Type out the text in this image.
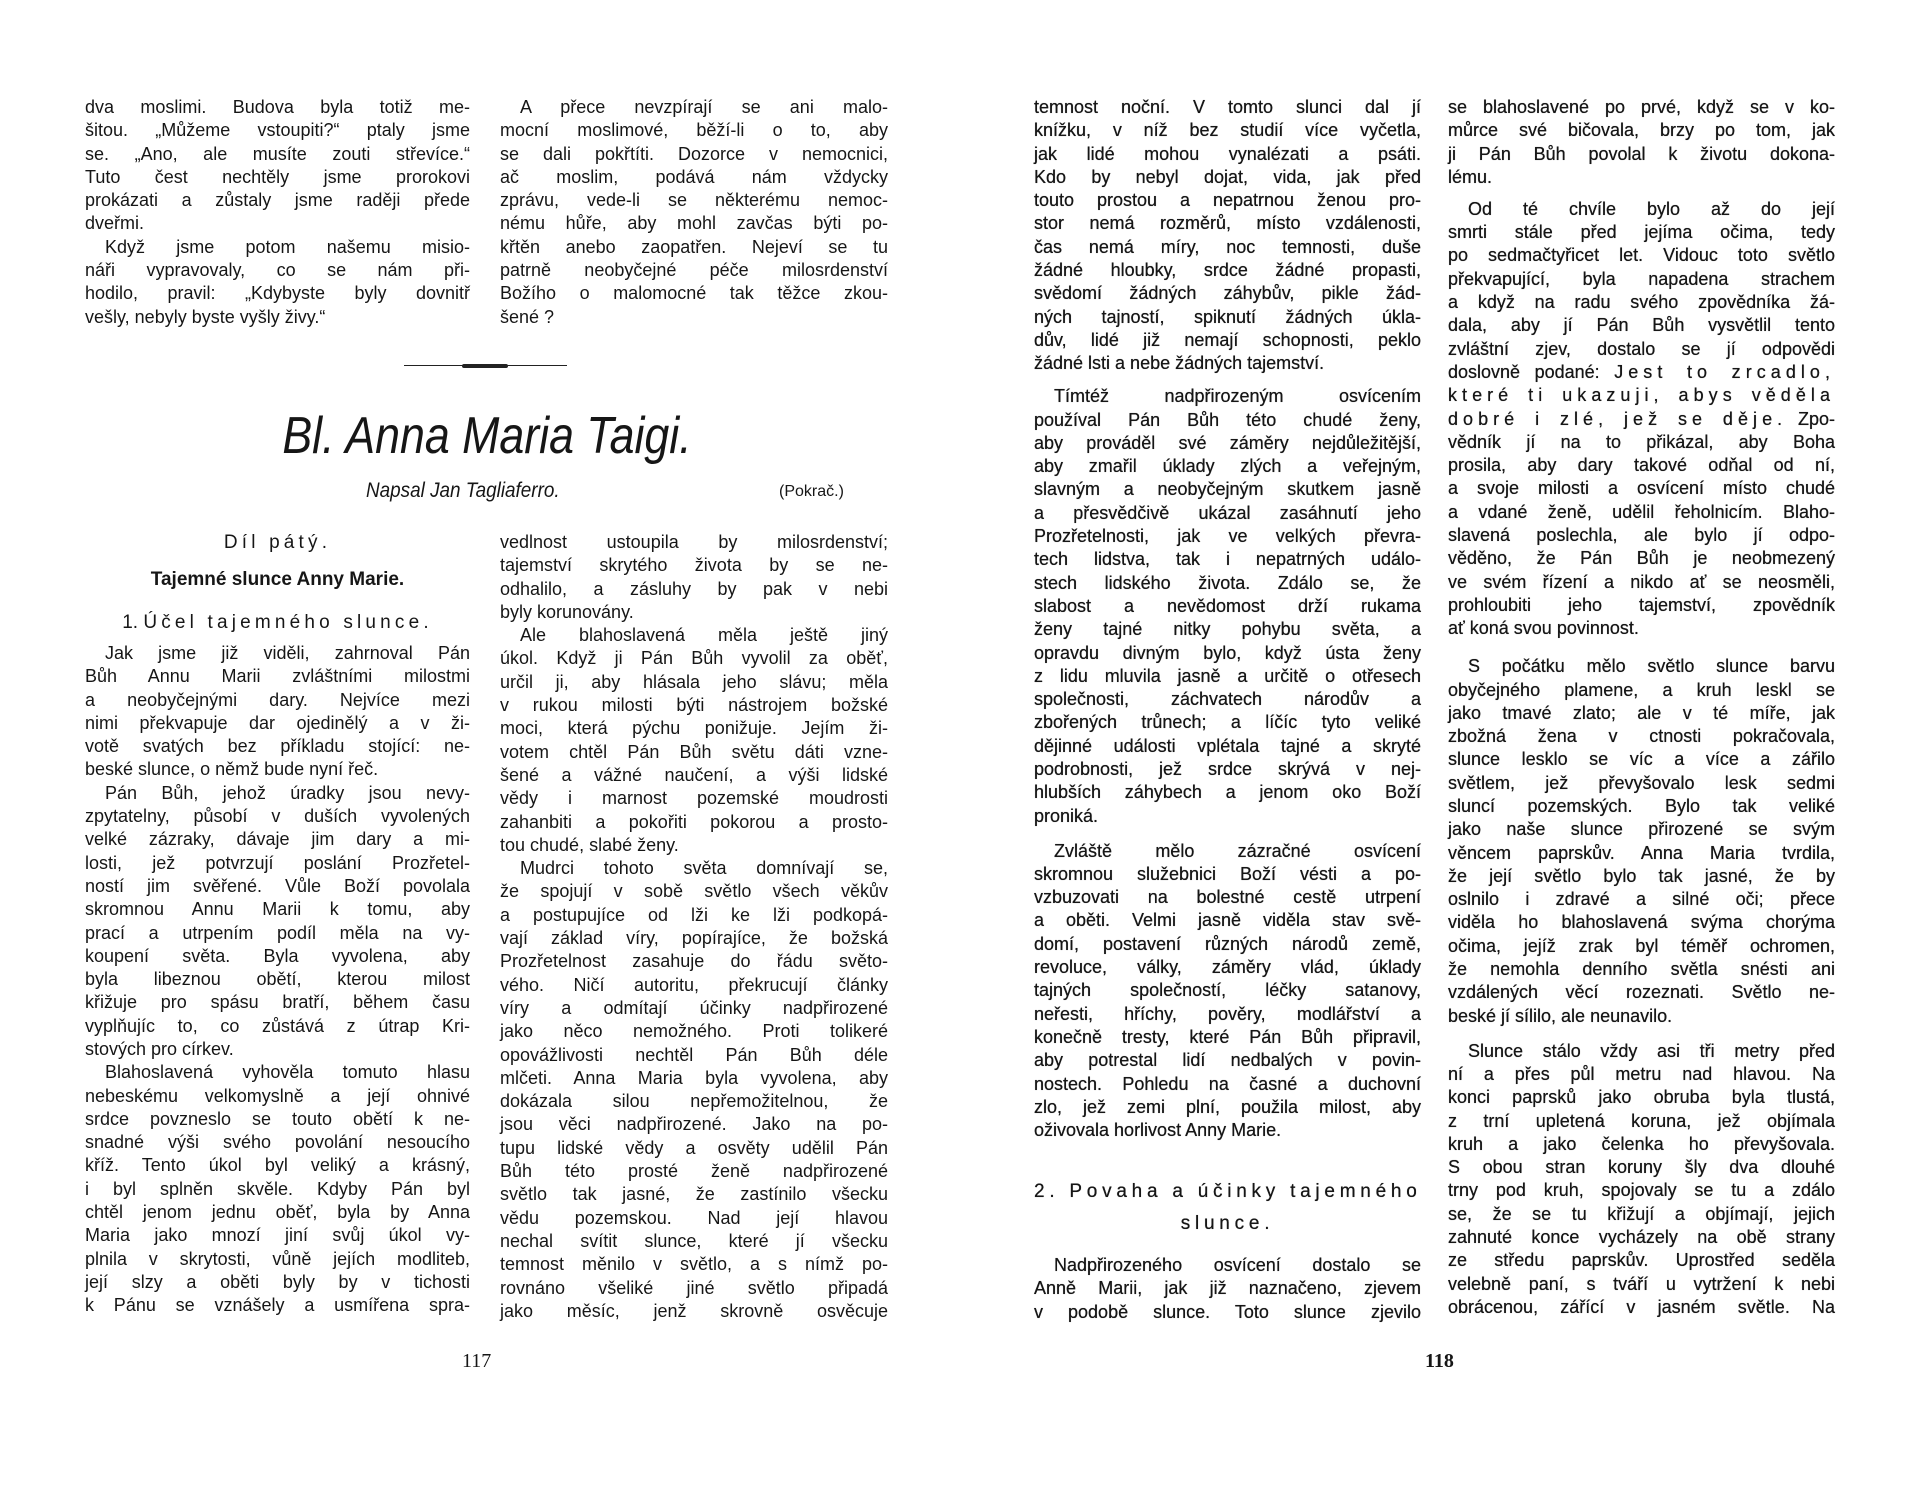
dva moslimi. Budova byla totiž me-
šitou. „Můžeme vstoupiti?“ ptaly jsme
se. „Ano, ale musíte zouti střevíce.“
Tuto čest nechtěly jsme prorokovi
prokázati a zůstaly jsme raději přede
dveřmi.
Když jsme potom našemu misio-
náři vypravovaly, co se nám při-
hodilo, pravil: „Kdybyste byly dovnitř
vešly, nebyly byste vyšly živy.“
A přece nevzpírají se ani malo-
mocní moslimové, běží-li o to, aby
se dali pokřtíti. Dozorce v nemocnici,
ač moslim, podává nám vždycky
zprávu, vede-li se některému nemoc-
nému hůře, aby mohl zavčas býti po-
křtěn anebo zaopatřen. Nejeví se tu
patrně neobyčejné péče milosrdenství
Božího o malomocné tak těžce zkou-
šené ?
Bl. Anna Maria Taigi.
Napsal Jan Tagliaferro.	(Pokrač.)
Díl pátý.
Tajemné slunce Anny Marie.
1. Účel tajemného slunce.
Jak jsme již viděli, zahrnoval Pán
Bůh Annu Marii zvláštními milostmi
a neobyčejnými dary. Nejvíce mezi
nimi překvapuje dar ojedinělý a v ži-
votě svatých bez příkladu stojící: ne-
beské slunce, o němž bude nyní řeč.
Pán Bůh, jehož úradky jsou nevy-
zpytatelny, působí v duších vyvolených
velké zázraky, dávaje jim dary a mi-
losti, jež potvrzují poslání Prozřetel-
ností jim svěřené. Vůle Boží povolala
skromnou Annu Marii k tomu, aby
prací a utrpením podíl měla na vy-
koupení světa. Byla vyvolena, aby
byla libeznou obětí, kterou milost
křižuje pro spásu bratří, během času
vyplňujíc to, co zůstává z útrap Kri-
stových pro církev.
Blahoslavená vyhověla tomuto hlasu
nebeskému velkomyslně a její ohnivé
srdce povzneslo se touto obětí k ne-
snadné výši svého povolání nesoucího
kříž. Tento úkol byl veliký a krásný,
i byl splněn skvěle. Kdyby Pán byl
chtěl jenom jednu oběť, byla by Anna
Maria jako mnozí jiní svůj úkol vy-
plnila v skrytosti, vůně jejích modliteb,
její slzy a oběti byly by v tichosti
k Pánu se vznášely a usmířena spra-
vedlnost ustoupila by milosrdenství;
tajemství skrytého života by se ne-
odhalilo, a zásluhy by pak v nebi
byly korunovány.
Ale blahoslavená měla ještě jiný
úkol. Když ji Pán Bůh vyvolil za oběť,
určil ji, aby hlásala jeho slávu; měla
v rukou milosti býti nástrojem božské
moci, která pýchu ponižuje. Jejím ži-
votem chtěl Pán Bůh světu dáti vzne-
šené a vážné naučení, a výši lidské
vědy i marnost pozemské moudrosti
zahanbiti a pokořiti pokorou a prosto-
tou chudé, slabé ženy.
Mudrci tohoto světa domnívají se,
že spojují v sobě světlo všech věkův
a postupujíce od lži ke lži podkopá-
vají základ víry, popírajíce, že božská
Prozřetelnost zasahuje do řádu světo-
vého. Ničí autoritu, překrucují články
víry a odmítají účinky nadpřirozené
jako něco nemožného. Proti tolikeré
opovážlivosti nechtěl Pán Bůh déle
mlčeti. Anna Maria byla vyvolena, aby
dokázala silou nepřemožitelnou, že
jsou věci nadpřirozené. Jako na po-
tupu lidské vědy a osvěty udělil Pán
Bůh této prosté ženě nadpřirozené
světlo tak jasné, že zastínilo všecku
vědu pozemskou. Nad její hlavou
nechal svítit slunce, které jí všecku
temnost měnilo v světlo, a s nímž po-
rovnáno všeliké jiné světlo připadá
jako měsíc, jenž skrovně osvěcuje
117
temnost noční. V tomto slunci dal jí
knížku, v níž bez studií více vyčetla,
jak lidé mohou vynalézati a psáti.
Kdo by nebyl dojat, vida, jak před
touto prostou a nepatrnou ženou pro-
stor nemá rozměrů, místo vzdálenosti,
čas nemá míry, noc temnosti, duše
žádné hloubky, srdce žádné propasti,
svědomí žádných záhybův, pikle žád-
ných tajností, spiknutí žádných úkla-
dův, lidé již nemají schopnosti, peklo
žádné lsti a nebe žádných tajemství.
Tímtéž nadpřirozeným osvícením
používal Pán Bůh této chudé ženy,
aby prováděl své záměry nejdůležitější,
aby zmařil úklady zlých a veřejným,
slavným a neobyčejným skutkem jasně
a přesvědčivě ukázal zasáhnutí jeho
Prozřetelnosti, jak ve velkých převra-
tech lidstva, tak i nepatrných událo-
stech lidského života. Zdálo se, že
slabost a nevědomost drží rukama
ženy tajné nitky pohybu světa, a
opravdu divným bylo, když ústa ženy
z lidu mluvila jasně a určitě o otřesech
společnosti, záchvatech národův a
zbořených trůnech; a líčíc tyto veliké
dějinné události vplétala tajné a skryté
podrobnosti, jež srdce skrývá v nej-
hlubších záhybech a jenom oko Boží
proniká.
Zvláště mělo zázračné osvícení
skromnou služebnici Boží vésti a po-
vzbuzovati na bolestné cestě utrpení
a oběti. Velmi jasně viděla stav svě-
domí, postavení různých národů země,
revoluce, války, záměry vlád, úklady
tajných společností, léčky satanovy,
neřesti, hříchy, pověry, modlářství a
konečně tresty, které Pán Bůh připravil,
aby potrestal lidí nedbalých v povin-
nostech. Pohledu na časné a duchovní
zlo, jež zemi plní, použila milost, aby
oživovala horlivost Anny Marie.
2. Povaha a účinky tajemného
slunce.
Nadpřirozeného osvícení dostalo se
Anně Marii, jak již naznačeno, zjevem
v podobě slunce. Toto slunce zjevilo
se blahoslavené po prvé, když se v ko-
můrce své bičovala, brzy po tom, jak
ji Pán Bůh povolal k životu dokona-
lému.
Od té chvíle bylo až do její
smrti stále před jejíma očima, tedy
po sedmačtyřicet let. Vidouc toto světlo
překvapující, byla napadena strachem
a když na radu svého zpovědníka žá-
dala, aby jí Pán Bůh vysvětlil tento
zvláštní zjev, dostalo se jí odpovědi
doslovně podané: Jest to zrcadlo,
které ti ukazuji, abys věděla
dobré i zlé, jež se děje. Zpo-
vědník jí na to přikázal, aby Boha
prosila, aby dary takové odňal od ní,
a svoje milosti a osvícení místo chudé
a vdané ženě, udělil řeholnicím. Blaho-
slavená poslechla, ale bylo jí odpo-
věděno, že Pán Bůh je neobmezený
ve svém řízení a nikdo ať se neosměli,
prohloubiti jeho tajemství, zpovědník
ať koná svou povinnost.
S počátku mělo světlo slunce barvu
obyčejného plamene, a kruh leskl se
jako tmavé zlato; ale v té míře, jak
zbožná žena v ctnosti pokračovala,
slunce lesklo se víc a více a zářilo
světlem, jež převyšovalo lesk sedmi
sluncí pozemských. Bylo tak veliké
jako naše slunce přirozené se svým
věncem paprskův. Anna Maria tvrdila,
že její světlo bylo tak jasné, že by
oslnilo i zdravé a silné oči; přece
viděla ho blahoslavená svýma chorýma
očima, jejíž zrak byl téměř ochromen,
že nemohla denního světla snésti ani
vzdálených věcí rozeznati. Světlo ne-
beské jí sílilo, ale neunavilo.
Slunce stálo vždy asi tři metry před
ní a přes půl metru nad hlavou. Na
konci paprsků jako obruba byla tlustá,
z trní upletená koruna, jež objímala
kruh a jako čelenka ho převyšovala.
S obou stran koruny šly dva dlouhé
trny pod kruh, spojovaly se tu a zdálo
se, že se tu křižují a objímají, jejich
zahnuté konce vycházely na obě strany
ze středu paprskův. Uprostřed seděla
velebně paní, s tváří u vytržení k nebi
obrácenou, zářící v jasném světle. Na
118
